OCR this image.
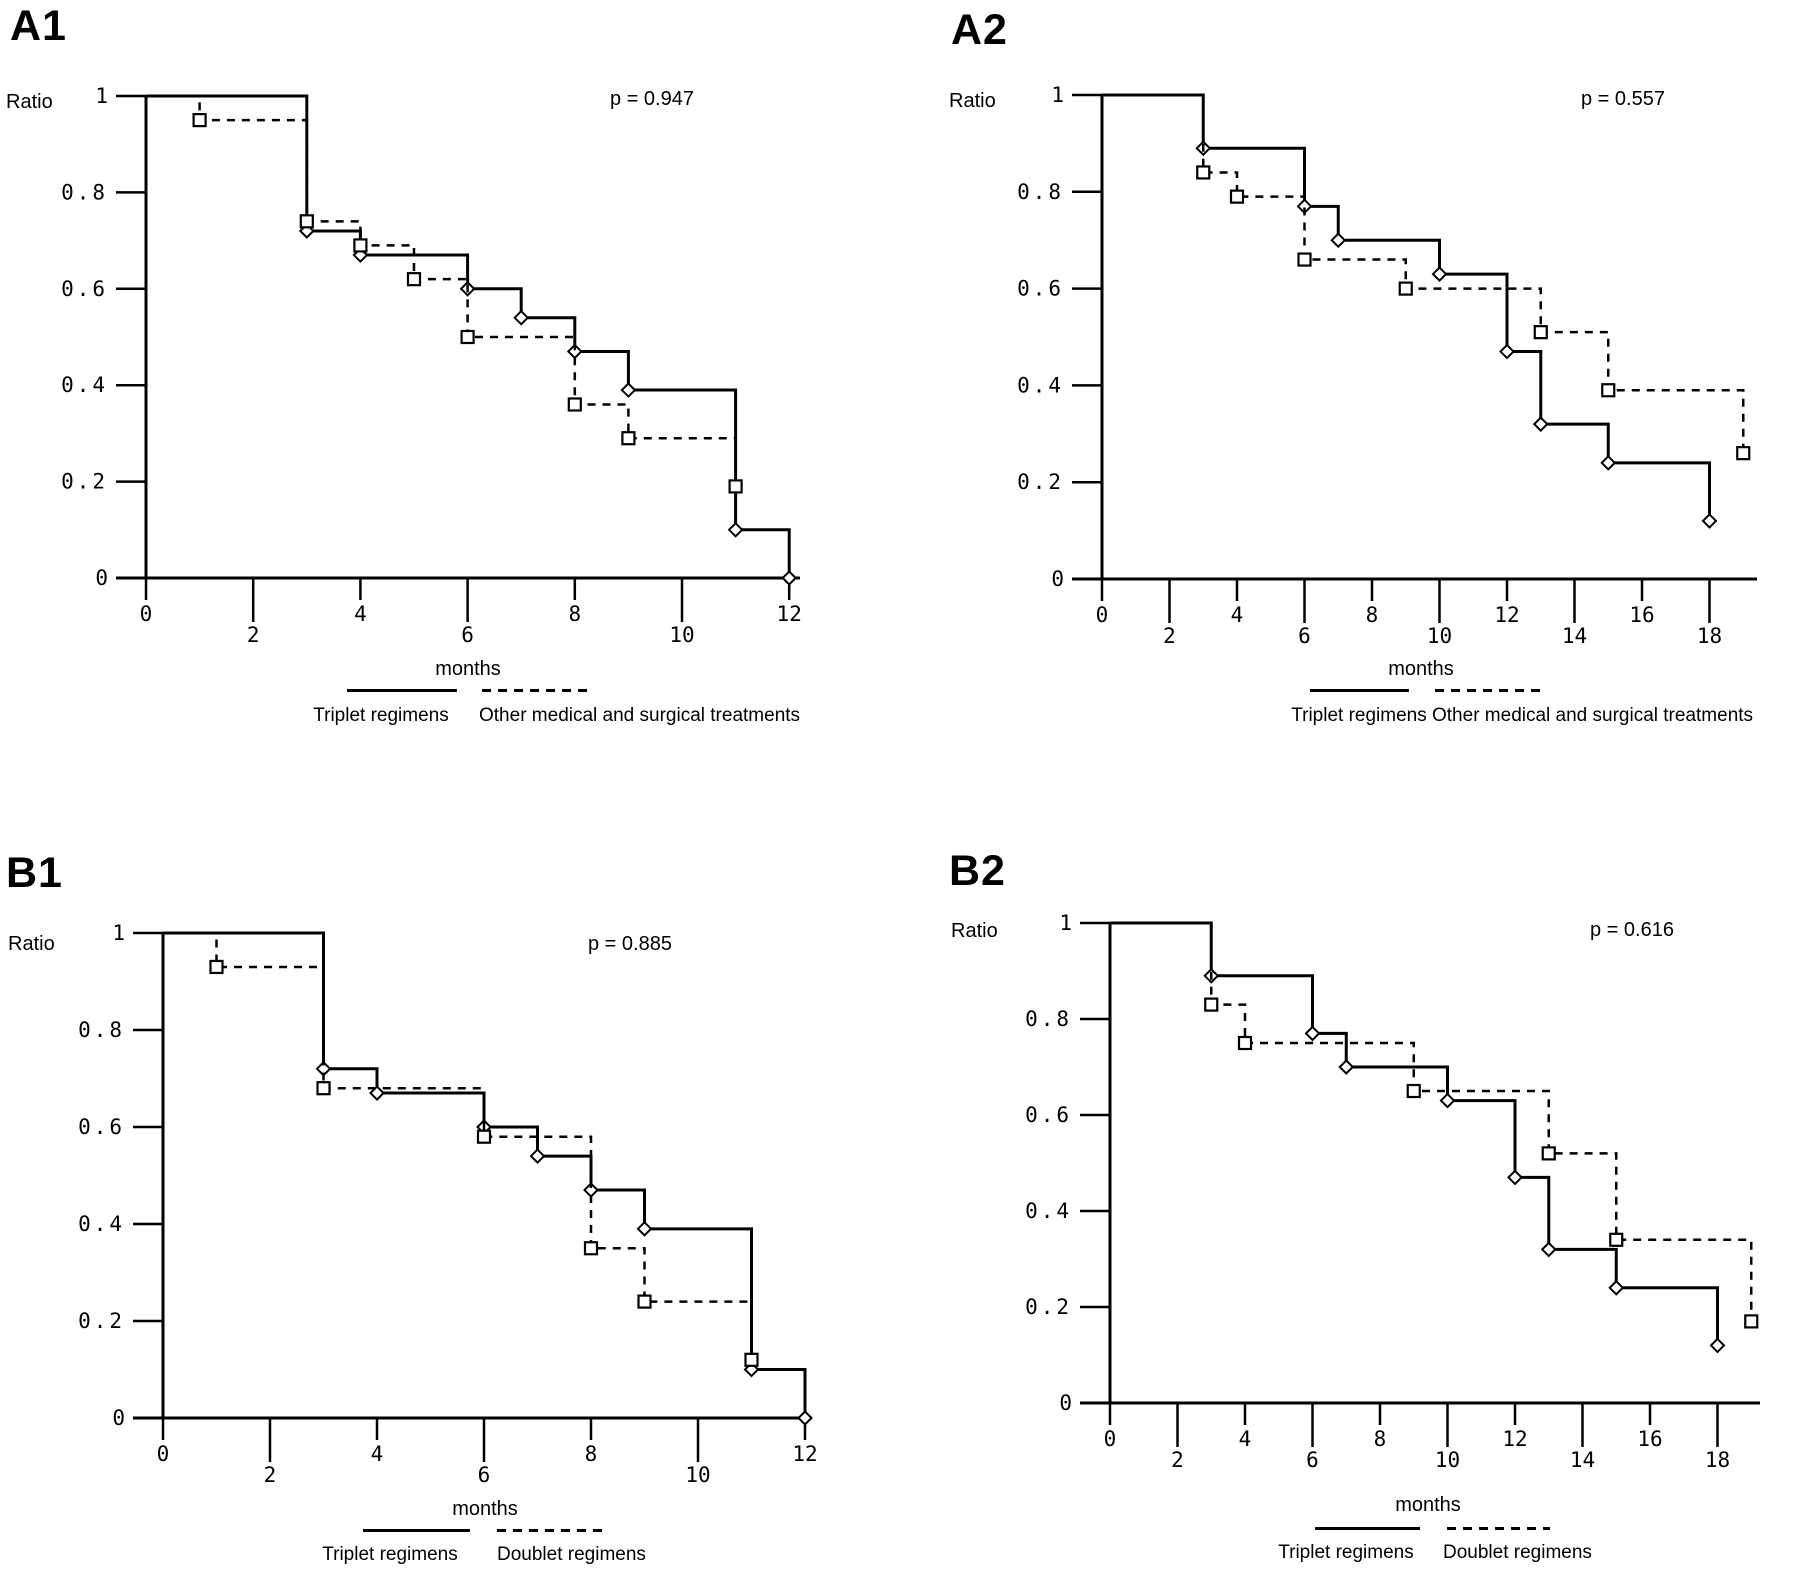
0
0.2
0.4
0.6
0.8
1
0
2
4
6
8
10
12
0
0.2
0.4
0.6
0.8
1
0
2
4
6
8
10
12
14
16
18
0
0.2
0.4
0.6
0.8
1
0
2
4
6
8
10
12
0
0.2
0.4
0.6
0.8
1
0
2
4
6
8
10
12
14
16
18
A1	A2
B1	B2
Ratio	Ratio
Ratio
Ratio
p = 0.947	p = 0.557
p = 0.885
p = 0.616
months	months
months	months
Triplet regimens	Other medical and surgical treatments	Triplet regimens Other medical and surgical treatments
Triplet regimens	Doublet regimens	Triplet regimens	Doublet regimens
